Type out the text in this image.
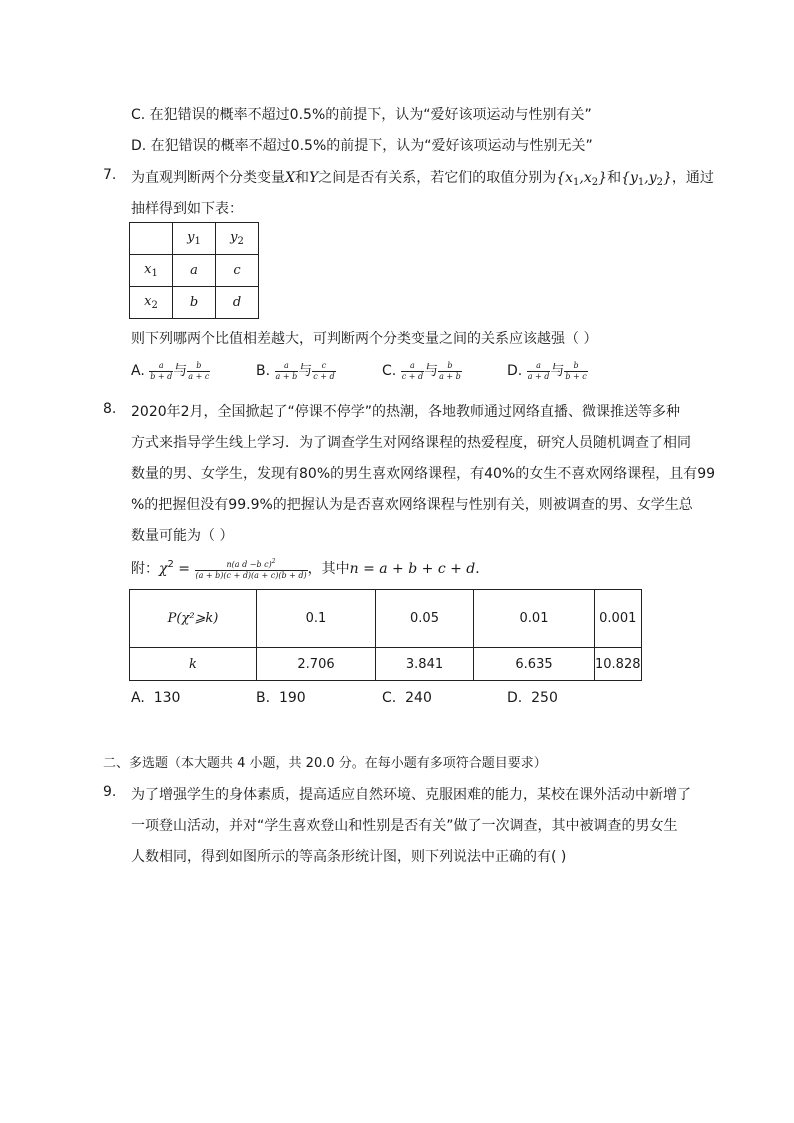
C. 在犯错误的概率不超过0.5%的前提下，认为“爱好该项运动与性别有关”
D. 在犯错误的概率不超过0.5%的前提下，认为“爱好该项运动与性别无关”
7. 为直观判断两个分类变量X和Y之间是否有关系，若它们的取值分别为$\{x_1,x_2\}$和$\{y_1,y_2\}$，通过
抽样得到如下表：
	$y_1$	$y_2$
$x_1$	a	c
$x_2$	b	d
则下列哪两个比值相差越大，可判断两个分类变量之间的关系应该越强（ ）
A. $\frac{a}{b + d}$ 与 $\frac{b}{a + c}$	B. $\frac{a}{a + b}$ 与 $\frac{c}{c + d}$	C. $\frac{a}{c + d}$ 与 $\frac{b}{a + b}$	D. $\frac{a}{a + d}$ 与 $\frac{b}{b + c}$
8. 2020年2月，全国掀起了“停课不停学”的热潮，各地教师通过网络直播、微课推送等多种
方式来指导学生线上学习．为了调查学生对网络课程的热爱程度，研究人员随机调查了相同
数量的男、女学生，发现有80%的男生喜欢网络课程，有40%的女生不喜欢网络课程，且有99
%的把握但没有99.9%的把握认为是否喜欢网络课程与性别有关，则被调查的男、女学生总
数量可能为（ ）
附：$\chi^2 = \frac{n(a d -b c)^2}{(a + b)(c + d)(a + c)(b + d)}$ ，其中n = a + b + c + d．
P(χ²⩾k)	0.1	0.05	0.01	0.001
k	2.706	3.841	6.635	10.828
A. 130	B. 190	C. 240	D. 250
二、多选题（本大题共 4 小题，共 20.0 分。在每小题有多项符合题目要求）
9. 为了增强学生的身体素质，提高适应自然环境、克服困难的能力，某校在课外活动中新增了
一项登山活动，并对“学生喜欢登山和性别是否有关”做了一次调查，其中被调查的男女生
人数相同，得到如图所示的等高条形统计图，则下列说法中正确的有( )
